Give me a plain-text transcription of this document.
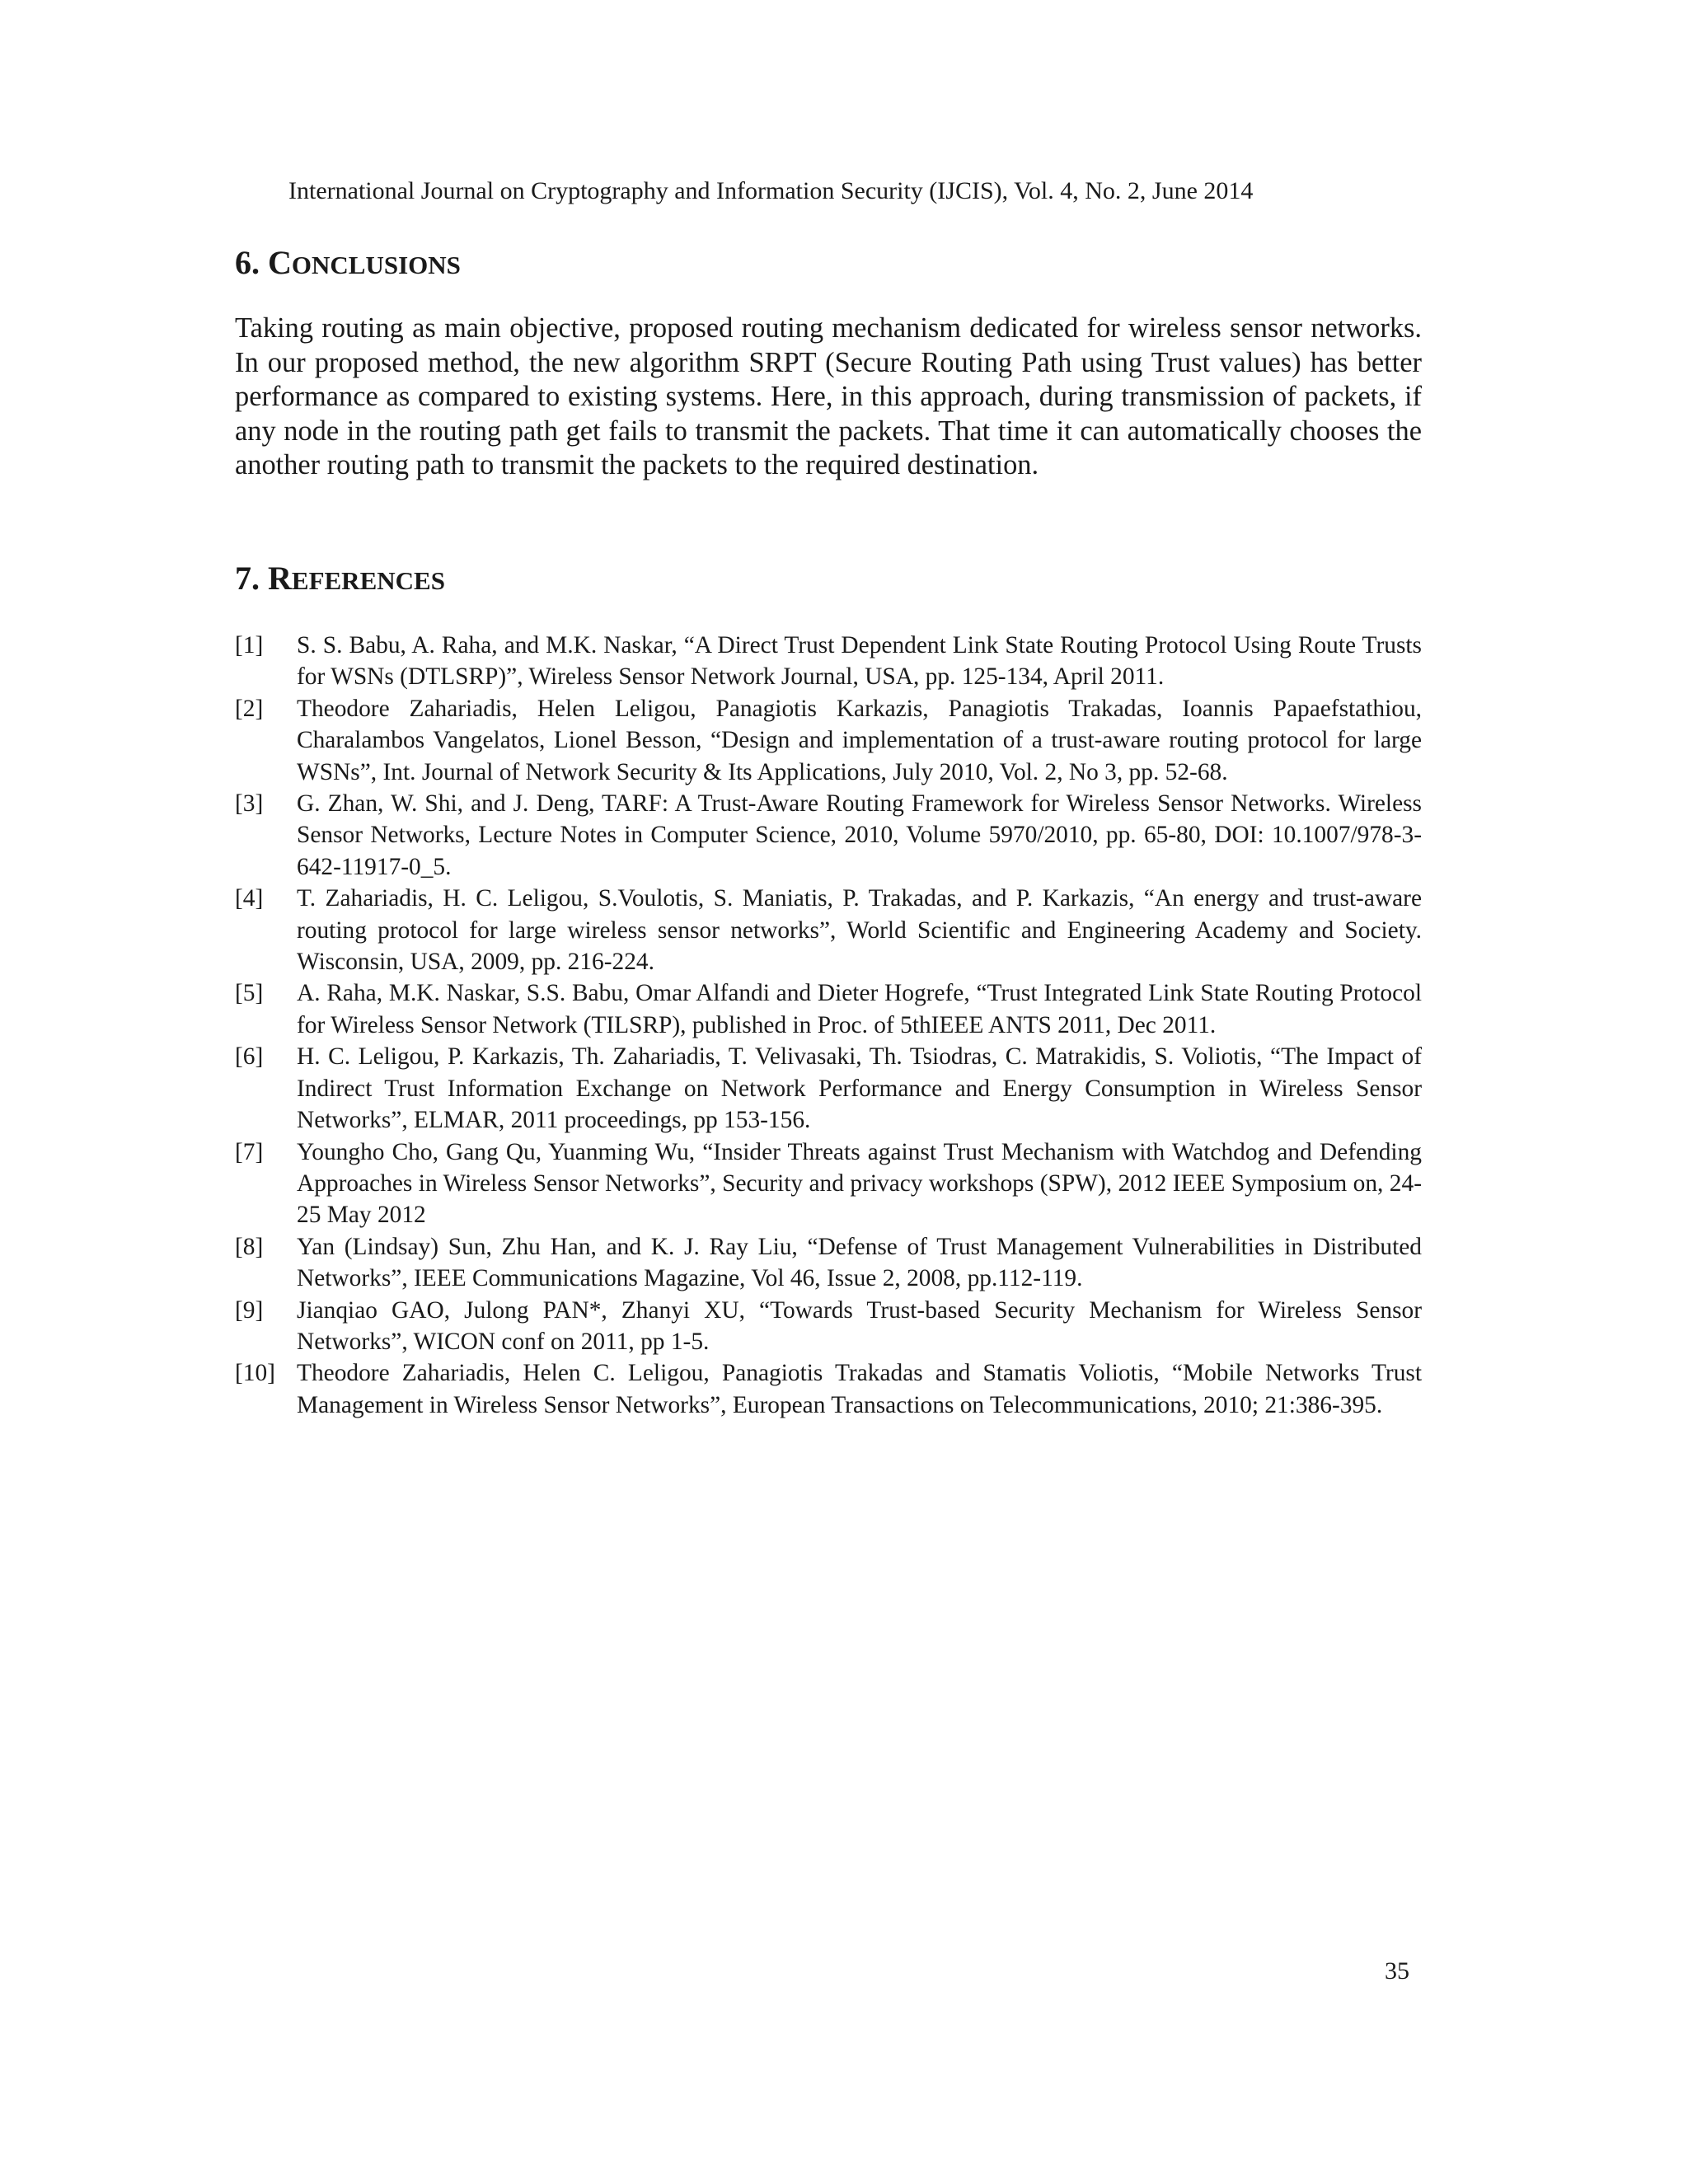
International Journal on Cryptography and Information Security (IJCIS), Vol. 4, No. 2, June 2014
6. CONCLUSIONS

Taking routing as main objective, proposed routing mechanism dedicated for wireless sensor networks. In our proposed method, the new algorithm SRPT (Secure Routing Path using Trust values) has better performance as compared to existing systems. Here, in this approach, during transmission of packets, if any node in the routing path get fails to transmit the packets. That time it can automatically chooses the another routing path to transmit the packets to the required destination.

7. REFERENCES
[1] S. S. Babu, A. Raha, and M.K. Naskar, “A Direct Trust Dependent Link State Routing Protocol Using Route Trusts for WSNs (DTLSRP)”, Wireless Sensor Network Journal, USA, pp. 125-134, April 2011.
[2] Theodore Zahariadis, Helen Leligou, Panagiotis Karkazis, Panagiotis Trakadas, Ioannis Papaefstathiou, Charalambos Vangelatos, Lionel Besson, “Design and implementation of a trust-aware routing protocol for large WSNs”, Int. Journal of Network Security & Its Applications, July 2010, Vol. 2, No 3, pp. 52-68.
[3] G. Zhan, W. Shi, and J. Deng, TARF: A Trust-Aware Routing Framework for Wireless Sensor Networks. Wireless Sensor Networks, Lecture Notes in Computer Science, 2010, Volume 5970/2010, pp. 65-80, DOI: 10.1007/978-3-642-11917-0_5.
[4] T. Zahariadis, H. C. Leligou, S.Voulotis, S. Maniatis, P. Trakadas, and P. Karkazis, “An energy and trust-aware routing protocol for large wireless sensor networks”, World Scientific and Engineering Academy and Society. Wisconsin, USA, 2009, pp. 216-224.
[5] A. Raha, M.K. Naskar, S.S. Babu, Omar Alfandi and Dieter Hogrefe, “Trust Integrated Link State Routing Protocol for Wireless Sensor Network (TILSRP), published in Proc. of 5thIEEE ANTS 2011, Dec 2011.
[6] H. C. Leligou, P. Karkazis, Th. Zahariadis, T. Velivasaki, Th. Tsiodras, C. Matrakidis, S. Voliotis, “The Impact of Indirect Trust Information Exchange on Network Performance and Energy Consumption in Wireless Sensor Networks”, ELMAR, 2011 proceedings, pp 153-156.
[7] Youngho Cho, Gang Qu, Yuanming Wu, “Insider Threats against Trust Mechanism with Watchdog and Defending Approaches in Wireless Sensor Networks”, Security and privacy workshops (SPW), 2012 IEEE Symposium on, 24-25 May 2012
[8] Yan (Lindsay) Sun, Zhu Han, and K. J. Ray Liu, “Defense of Trust Management Vulnerabilities in Distributed Networks”, IEEE Communications Magazine, Vol 46, Issue 2, 2008, pp.112-119.
[9] Jianqiao GAO, Julong PAN*, Zhanyi XU, “Towards Trust-based Security Mechanism for Wireless Sensor Networks”, WICON conf on 2011, pp 1-5.
[10] Theodore Zahariadis, Helen C. Leligou, Panagiotis Trakadas and Stamatis Voliotis, “Mobile Networks Trust Management in Wireless Sensor Networks”, European Transactions on Telecommunications, 2010; 21:386-395.
35
